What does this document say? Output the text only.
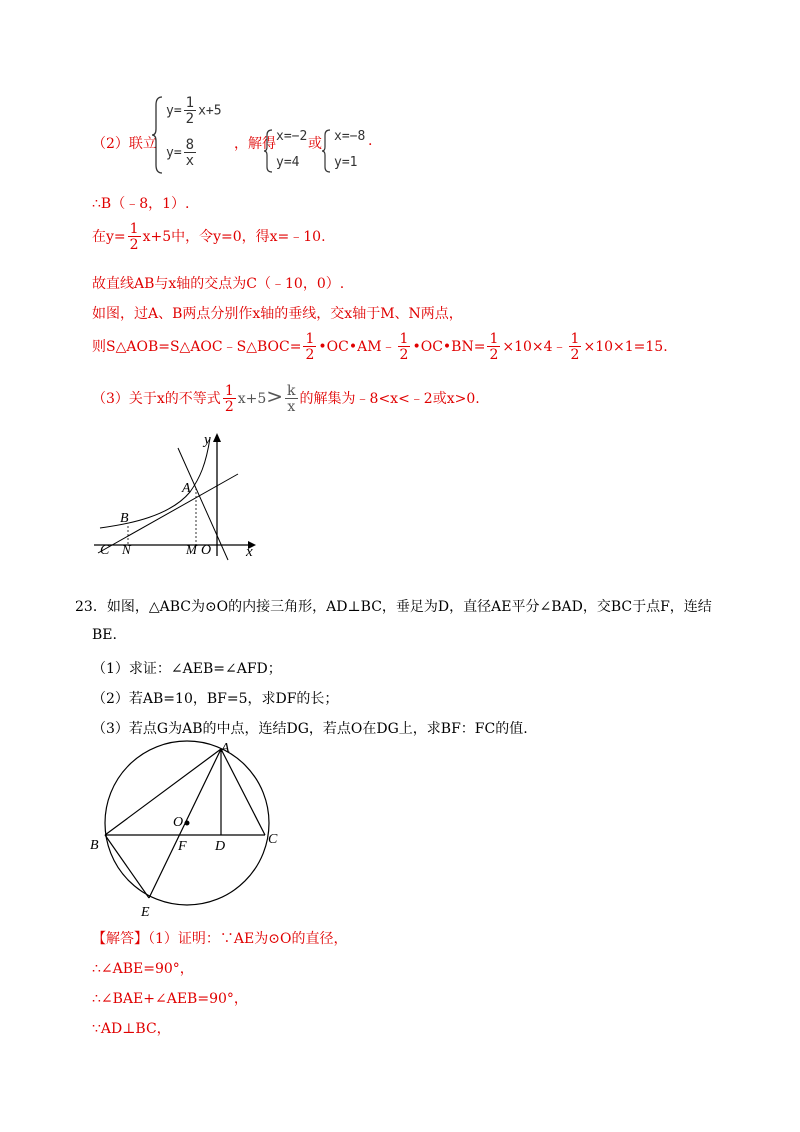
（2）联立
$y= \frac{1}{2} x+5$
$y= \frac{8}{x}$	，解得 x=−2
y=4
或 x=−8
y=1
.
∴B（﹣8，1）.
在$y= \frac{1}{2} x+5$中，令y=0，得x=﹣10.
故直线AB与x轴的交点为C（﹣10，0）.
如图，过A、B两点分别作x轴的垂线，交x轴于M、N两点，
则S△AOB=S△AOC﹣S△BOC= $\frac{1}{2}$ •OC•AM﹣ $\frac{1}{2}$ •OC•BN= $\frac{1}{2}$ ×10×4﹣ $\frac{1}{2} \times 10\times 1=15$.
（3）关于x的不等式 $\frac{1}{2} x+5> \frac{k}{x}$ 的解集为﹣8<x<﹣2或x>0.
y
x
A
B
C N	M O
23．如图，△ABC为⊙O的内接三角形，AD⊥BC，垂足为D，直径AE平分∠BAD，交BC于点F，连结
BE.
（1）求证：∠AEB=∠AFD；
（2）若AB=10，BF=5，求DF的长；
（3）若点G为AB的中点，连结DG，若点O在DG上，求BF：FC的值.
A
B	C
D
E
F
O
【解答】（1）证明：∵AE为⊙O的直径，
∴∠ABE=90°，
∴∠BAE+∠AEB=90°，
∵AD⊥BC，
